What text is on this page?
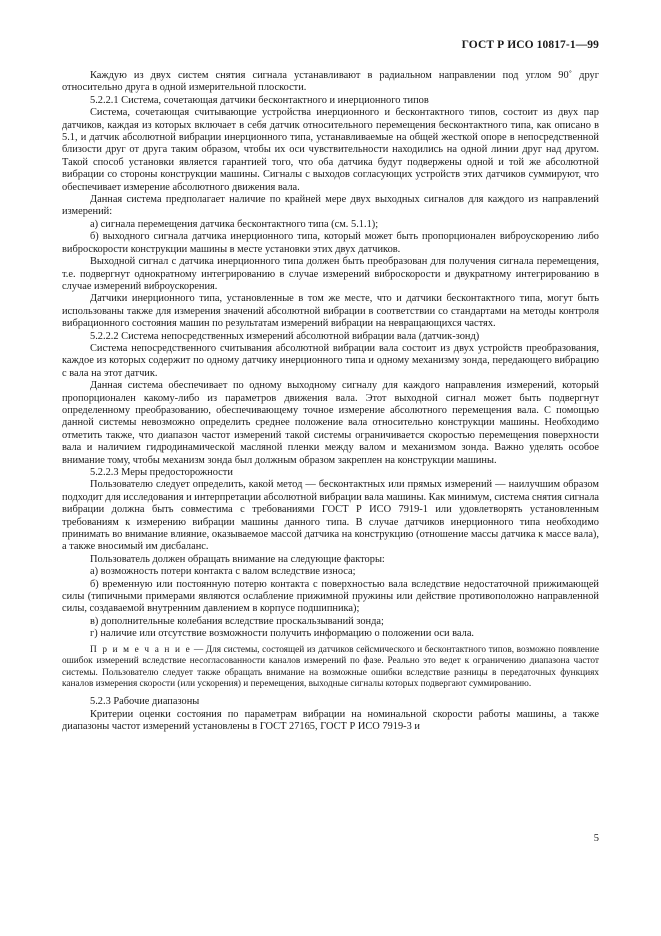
ГОСТ Р ИСО 10817-1—99

Каждую из двух систем снятия сигнала устанавливают в радиальном направлении под углом 90˚ друг относительно друга в одной измерительной плоскости.

5.2.2.1 Система, сочетающая датчики бесконтактного и инерционного типов

Система, сочетающая считывающие устройства инерционного и бесконтактного типов, состоит из двух пар датчиков, каждая из которых включает в себя датчик относительного перемещения бесконтактного типа, как описано в 5.1, и датчик абсолютной вибрации инерционного типа, устанавливаемые на общей жесткой опоре в непосредственной близости друг от друга таким образом, чтобы их оси чувствительности находились на одной линии друг над другом. Такой способ установки является гарантией того, что оба датчика будут подвержены одной и той же абсолютной вибрации со стороны конструкции машины. Сигналы с выходов согласующих устройств этих датчиков суммируют, что обеспечивает измерение абсолютного движения вала.

Данная система предполагает наличие по крайней мере двух выходных сигналов для каждого из направлений измерений:

а) сигнала перемещения датчика бесконтактного типа (см. 5.1.1);

б) выходного сигнала датчика инерционного типа, который может быть пропорционален виброускорению либо виброскорости конструкции машины в месте установки этих двух датчиков.

Выходной сигнал с датчика инерционного типа должен быть преобразован для получения сигнала перемещения, т.е. подвергнут однократному интегрированию в случае измерений виброскорости и двукратному интегрированию в случае измерений виброускорения.

Датчики инерционного типа, установленные в том же месте, что и датчики бесконтактного типа, могут быть использованы также для измерения значений абсолютной вибрации в соответствии со стандартами на методы контроля вибрационного состояния машин по результатам измерений вибрации на невращающихся частях.

5.2.2.2 Система непосредственных измерений абсолютной вибрации вала (датчик-зонд)

Система непосредственного считывания абсолютной вибрации вала состоит из двух устройств преобразования, каждое из которых содержит по одному датчику инерционного типа и одному механизму зонда, передающего вибрацию с вала на этот датчик.

Данная система обеспечивает по одному выходному сигналу для каждого направления измерений, который пропорционален какому-либо из параметров движения вала. Этот выходной сигнал может быть подвергнут определенному преобразованию, обеспечивающему точное измерение абсолютного перемещения вала. С помощью данной системы невозможно определить среднее положение вала относительно конструкции машины. Необходимо отметить также, что диапазон частот измерений такой системы ограничивается скоростью перемещения поверхности вала и наличием гидродинамической масляной пленки между валом и механизмом зонда. Важно уделять особое внимание тому, чтобы механизм зонда был должным образом закреплен на конструкции машины.

5.2.2.3 Меры предосторожности

Пользователю следует определить, какой метод — бесконтактных или прямых измерений — наилучшим образом подходит для исследования и интерпретации абсолютной вибрации вала машины. Как минимум, система снятия сигнала вибрации должна быть совместима с требованиями ГОСТ Р ИСО 7919-1 или удовлетворять установленным требованиям к измерению вибрации машины данного типа. В случае датчиков инерционного типа необходимо принимать во внимание влияние, оказываемое массой датчика на конструкцию (отношение массы датчика к массе вала), а также вносимый им дисбаланс.

Пользователь должен обращать внимание на следующие факторы:

а) возможность потери контакта с валом вследствие износа;

б) временную или постоянную потерю контакта с поверхностью вала вследствие недостаточной прижимающей силы (типичными примерами являются ослабление прижимной пружины или действие противоположно направленной силы, создаваемой внутренним давлением в корпусе подшипника);

в) дополнительные колебания вследствие проскальзываний зонда;

г) наличие или отсутствие возможности получить информацию о положении оси вала.

П р и м е ч а н и е — Для системы, состоящей из датчиков сейсмического и бесконтактного типов, возможно появление ошибок измерений вследствие несогласованности каналов измерений по фазе. Реально это ведет к ограничению диапазона частот системы. Пользователю следует также обращать внимание на возможные ошибки вследствие разницы в передаточных функциях каналов измерения скорости (или ускорения) и перемещения, выходные сигналы которых подвергают суммированию.

5.2.3 Рабочие диапазоны

Критерии оценки состояния по параметрам вибрации на номинальной скорости работы машины, а также диапазоны частот измерений установлены в ГОСТ 27165, ГОСТ Р ИСО 7919-3 и

5
